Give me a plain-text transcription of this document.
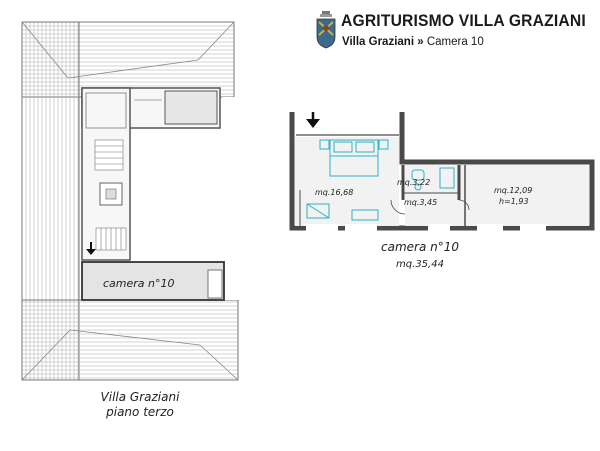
AGRITURISMO VILLA GRAZIANI
Villa Graziani » Camera 10
camera n°10
mq.16,68
mq.3,22
mq.3,45
mq.12,09
h=1,93
camera n°10
mq.35,44
Villa Graziani
piano terzo
